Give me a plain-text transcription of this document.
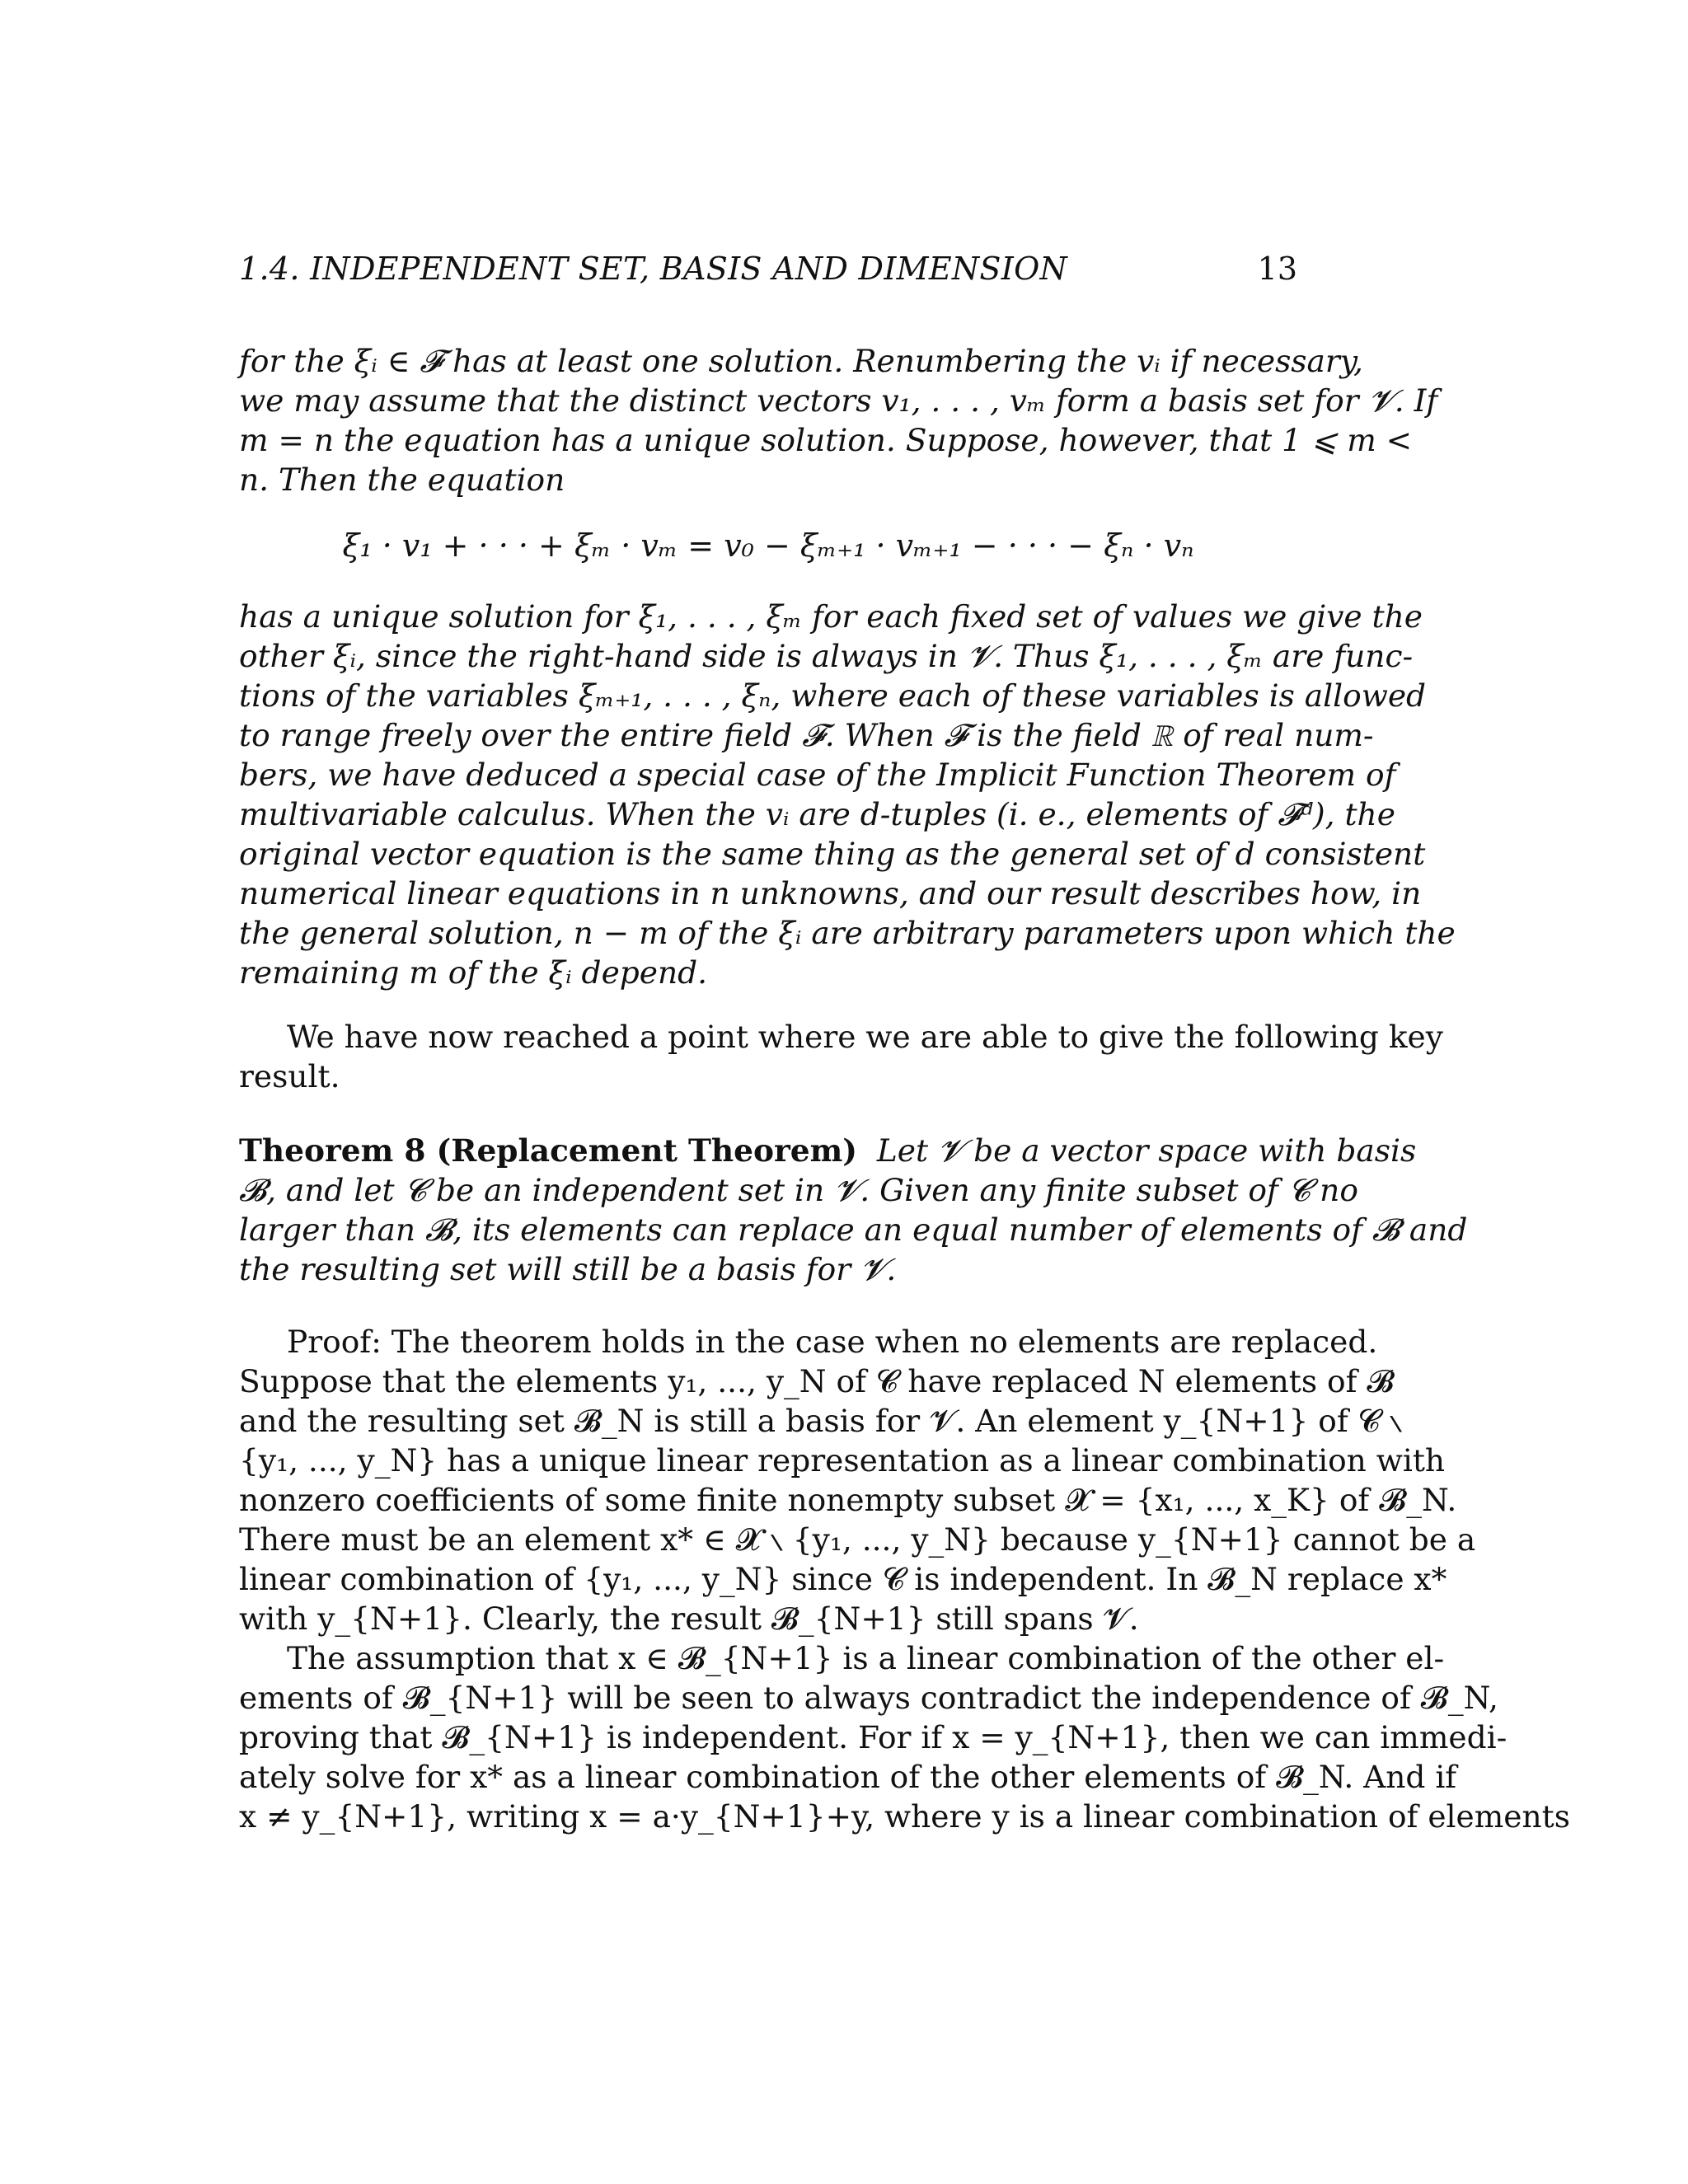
1.4. INDEPENDENT SET, BASIS AND DIMENSION	13

for the ξᵢ ∈ 𝓕 has at least one solution. Renumbering the vᵢ if necessary,
we may assume that the distinct vectors v₁, . . . , vₘ form a basis set for 𝓥. If
m = n the equation has a unique solution. Suppose, however, that 1 ⩽ m <
n. Then the equation

ξ₁ · v₁ + · · · + ξₘ · vₘ = v₀ − ξₘ₊₁ · vₘ₊₁ − · · · − ξₙ · vₙ

has a unique solution for ξ₁, . . . , ξₘ for each fixed set of values we give the
other ξᵢ, since the right-hand side is always in 𝓥. Thus ξ₁, . . . , ξₘ are func-
tions of the variables ξₘ₊₁, . . . , ξₙ, where each of these variables is allowed
to range freely over the entire field 𝓕. When 𝓕 is the field ℝ of real num-
bers, we have deduced a special case of the Implicit Function Theorem of
multivariable calculus. When the vᵢ are d-tuples (i. e., elements of 𝓕ᵈ), the
original vector equation is the same thing as the general set of d consistent
numerical linear equations in n unknowns, and our result describes how, in
the general solution, n − m of the ξᵢ are arbitrary parameters upon which the
remaining m of the ξᵢ depend.

We have now reached a point where we are able to give the following key
result.

Theorem 8 (Replacement Theorem) Let 𝓥 be a vector space with basis
𝓑, and let 𝓒 be an independent set in 𝓥. Given any finite subset of 𝓒 no
larger than 𝓑, its elements can replace an equal number of elements of 𝓑 and
the resulting set will still be a basis for 𝓥.

Proof: The theorem holds in the case when no elements are replaced.
Suppose that the elements y₁, ..., y_N of 𝓒 have replaced N elements of 𝓑
and the resulting set 𝓑_N is still a basis for 𝓥. An element y_{N+1} of 𝓒 ∖
{y₁, ..., y_N} has a unique linear representation as a linear combination with
nonzero coefficients of some finite nonempty subset 𝓧 = {x₁, ..., x_K} of 𝓑_N.
There must be an element x* ∈ 𝓧 ∖ {y₁, ..., y_N} because y_{N+1} cannot be a
linear combination of {y₁, ..., y_N} since 𝓒 is independent. In 𝓑_N replace x*
with y_{N+1}. Clearly, the result 𝓑_{N+1} still spans 𝓥.

The assumption that x ∈ 𝓑_{N+1} is a linear combination of the other el-
ements of 𝓑_{N+1} will be seen to always contradict the independence of 𝓑_N,
proving that 𝓑_{N+1} is independent. For if x = y_{N+1}, then we can immedi-
ately solve for x* as a linear combination of the other elements of 𝓑_N. And if
x ≠ y_{N+1}, writing x = a·y_{N+1}+y, where y is a linear combination of elements
